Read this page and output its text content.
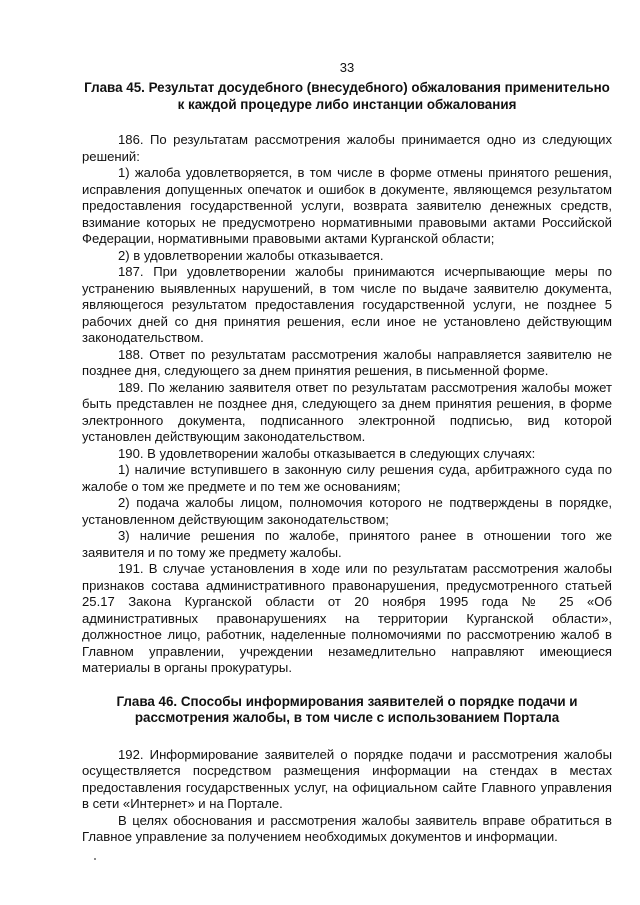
33
Глава 45. Результат досудебного (внесудебного) обжалования применительно к каждой процедуре либо инстанции обжалования

186. По результатам рассмотрения жалобы принимается одно из следующих решений:

1) жалоба удовлетворяется, в том числе в форме отмены принятого решения, исправления допущенных опечаток и ошибок в документе, являющемся результатом предоставления государственной услуги, возврата заявителю денежных средств, взимание которых не предусмотрено нормативными правовыми актами Российской Федерации, нормативными правовыми актами Курганской области;

2) в удовлетворении жалобы отказывается.

187. При удовлетворении жалобы принимаются исчерпывающие меры по устранению выявленных нарушений, в том числе по выдаче заявителю документа, являющегося результатом предоставления государственной услуги, не позднее 5 рабочих дней со дня принятия решения, если иное не установлено действующим законодательством.

188. Ответ по результатам рассмотрения жалобы направляется заявителю не позднее дня, следующего за днем принятия решения, в письменной форме.

189. По желанию заявителя ответ по результатам рассмотрения жалобы может быть представлен не позднее дня, следующего за днем принятия решения, в форме электронного документа, подписанного электронной подписью, вид которой установлен действующим законодательством.

190. В удовлетворении жалобы отказывается в следующих случаях:

1) наличие вступившего в законную силу решения суда, арбитражного суда по жалобе о том же предмете и по тем же основаниям;

2) подача жалобы лицом, полномочия которого не подтверждены в порядке, установленном действующим законодательством;

3) наличие решения по жалобе, принятого ранее в отношении того же заявителя и по тому же предмету жалобы.

191. В случае установления в ходе или по результатам рассмотрения жалобы признаков состава административного правонарушения, предусмотренного статьей 25.17 Закона Курганской области от 20 ноября 1995 года № 25 «Об административных правонарушениях на территории Курганской области», должностное лицо, работник, наделенные полномочиями по рассмотрению жалоб в Главном управлении, учреждении незамедлительно направляют имеющиеся материалы в органы прокуратуры.

Глава 46. Способы информирования заявителей о порядке подачи и рассмотрения жалобы, в том числе с использованием Портала

192. Информирование заявителей о порядке подачи и рассмотрения жалобы осуществляется посредством размещения информации на стендах в местах предоставления государственных услуг, на официальном сайте Главного управления в сети «Интернет» и на Портале.

В целях обоснования и рассмотрения жалобы заявитель вправе обратиться в Главное управление за получением необходимых документов и информации.
